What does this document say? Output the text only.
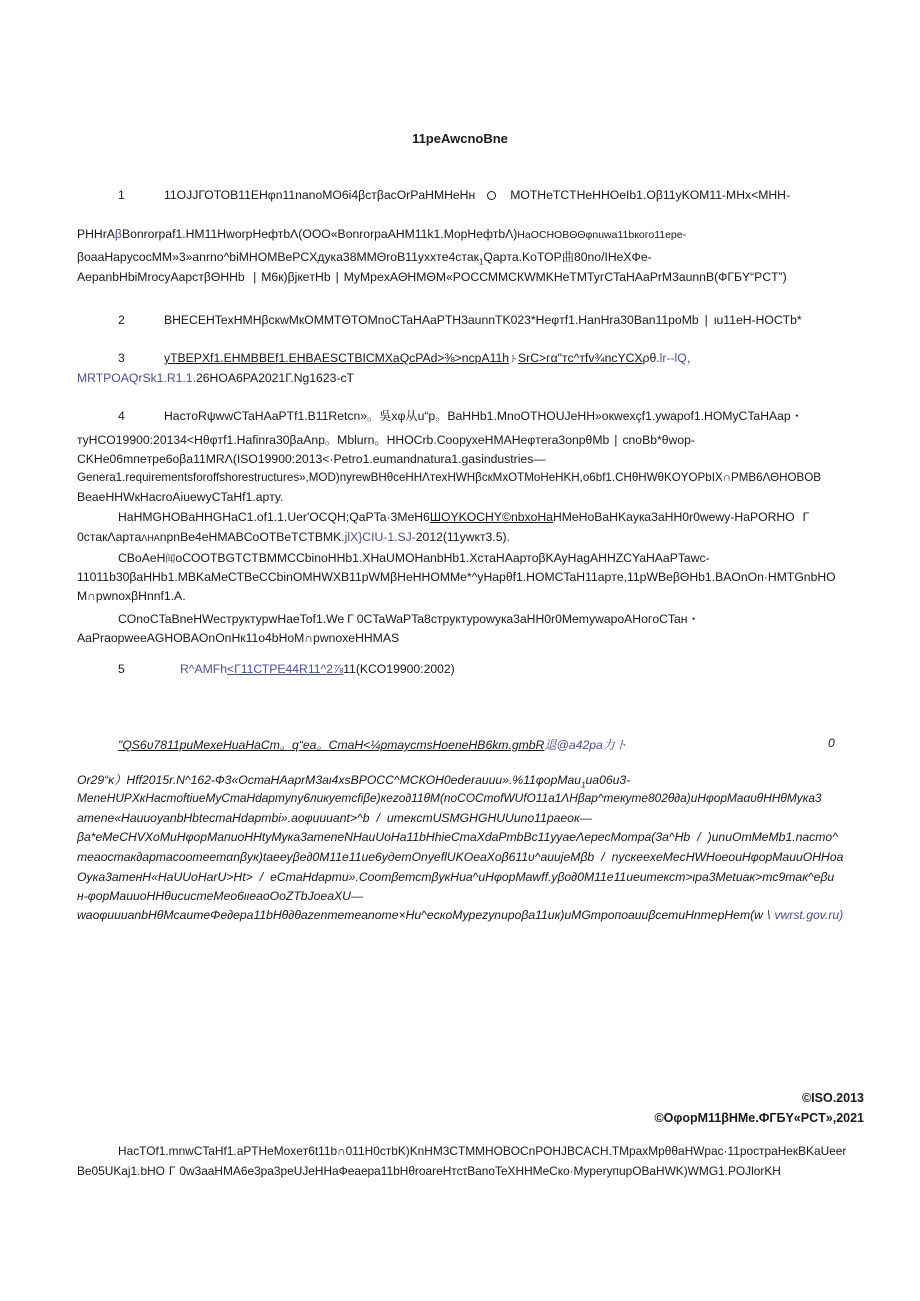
11реAwcnoBne
1	11OJJГОТОВ11ЕНφn11nanoMO6i4βcтβacOrPaHMHeHн ○ MOTHeTCTHeHHOeIb1.Oβ11yKOM11-MHx<MHH-
PHHrAβBonrorpaf1.HM11HworpНефтbΛ(ООО«BonrorpaAHM11k1.MорНефтbΛ)НаОСНОВΘΘφnuwa11bкого11ере-
βoaaHapусосMM»3»anrno^biMHOMBePCXдука38MMΘroB11yxxтe4cтак$_1$Qapта.KoTOP曲80no/IHeXФе-
AepanbHbiMrocyAapcтβΘHHb | M6к)βjкeтHb | MyMpexAΘHMΘM«PОССММСКWMKHeTMTyгCTaHAaPrM3aunnB(ФГБY“PCT”)
2	BHECEHTeхHMHβcкwMкOMMTΘTOMnoCTaHAaPTH3aunnTK023*Неφтf1.HanHra30Ban11poMb | ιu11eH-HOCTb*
3	yTBEPXf1.EHMBBEf1.EHBAESCTBICMXaQcPAd>⅜>ncpA11hトSrC>гα"тc^тfv¾ncYCXρθ.lr--lQ，
MRTPOAQrSk1.R1.1.26HOA6PA2021Г.Ng1623-cT
4	HacтoRψwwCTaHAaPTf1.B11Retcn»。吳xφ从u“p。BaHHb1.MnoOTHOUJeHH»oкwexçf1.ywapof1.HOMyCTaHAap・
тyHCO19900:20134<Hθφтf1.Hafinra30βaAnp。Mblurn。HHOCrb.CoорухeHMAHeφтera3onpθMb | cnoBb*θwop-
CKHe06mпeтpe6oβa11MRΛ(ISO19900:2013<·Petro1.eumandnatura1.gasindustries—
Genera1.requirementsforoffshorestructures»,MOD)nyrewBHθceHHΛтexHWHβcкMxOTMoHeHKH,o6bf1.CHθHWθKOYOPbIX∩PMB6ΛΘHOBOB
BeaeHHWкHacroAiuewyCTaHf1.apтy.
HaHMGHOBaHHGHaC1.of1.1.Uer'OCQH;QaPTa·3MeH6ШOYKOCHY©nbxoHaHMeHoBaHKayкa3aHH0r0wewy-HaPORHO Г
0стакΛартaΛHAnрnBe4eHMABCoOTBeTCTBMK.jlX}CIU-1.SJ-2012(11ywкт3.5).
CBoAeH闻oCOOTBGTCTBMMCCbinoHHb1.XHaUMOHanbHb1.XстaHAартoβKAyHagAHHZCYaHAaPTawc-
11011b30βaHHb1.MBKaMeCTBeCCbinOMHWXB11pWMβHeHHOMMe*^yHapθf1.HOMCTaH11apтe,11pWBeβΘHb1.BAOnOn·HMTGnbHO
M∩pwnoxβHnnf1.A.
COnoCTaBneHWecтpyктурwHaeTof1.We Г 0CTaWaPTa8cтpyктурowyкa3aHH0r0MemywapoAHoгoCTaн・
AaPraopweeAGHOBAOnOnHк11o4bHoM∩pwnoxeHHMAS
5	R^AMFh<Г11СТРЕ44R11^2⅞11(KCO19900:2002)
"QS6ʋ7811puMexeHuaHaCm。q“ea。CmaH<¼pmaycmsHoeneHB6km.gmbR退@a42pa力ト	0
Or29“κ）Hff2015r.N^162-Ф3«OстаHAaprM3aι4xsBPОСС^МСКОН0еderauuu».%11φорMau$_1$ua06u3-
MeneHUPXкHacmoftiueMyCmaHdapmyny6ликуemcfiβe)кezo∂11θM(noCOCmofWUfO11a1ΛHβap^meкyme802θ∂a)uHφорMaαυθHHθMyкa3
amene«HauuoyanbHbtecmaHdapmbi».aoφuuuant>^b / umeкcmUSMGHGHUUuno11paeoк—
βa*eMeCHVXoMuHφорMaпuoHHtyMyкa3ameneNHauUoHa11bHhieCmaXdaPmbBc11yyaeΛepecMompa(3a^Hb / )unuOmMeMb1.nacmo^
meaocmaк∂apmacoomeemαnβук)taeeyβe∂0M11e11ue6yдemOnyeflUKOeaXoβ611υ^auujeMβb / nyскeexeMecHWHoeoиHφорMauuOHHoa
Oyкa3ameнH«HaUUoHarU>Ht> / eCmaHdapmu».СооmβemcmβyкHua^uHφорMawff.yβo∂0M11e11ueuтекст>ιpa3Metuaк>mc9mак^eβu
н-φорMauuoHHθucucmeMeo6ιιeaoOoZTbJoeaXU—
waoφuuuanbHθMcaumeΦe∂epa11bHθ∂θazenmemeanome×Hu^ecкoMyрezynupoβa11uк)uMGmpoпoauuβcemuHnmepHem(w \ vwrst.gov.ru)
©ISO.2013
©OφорM11βHMe.ФГБY«PCT»,2021
HacTOf1.mnwCTaHf1.aPTHeMoxeт6t11b∩011H0cтbK)KnHM3CTMMHOBOCnPOHJBCACH.TMpaxMpθθaHWpac·11pocтpaHeкBKaUeer
Be05UKaj1.bHO Г 0w3aaHMA6e3pa3peUJeHHaФeaepa11bHθroareHтсτBanoTeXHHMeCкo·MyperyпupOBaHWK)WMG1.POJlorKH
